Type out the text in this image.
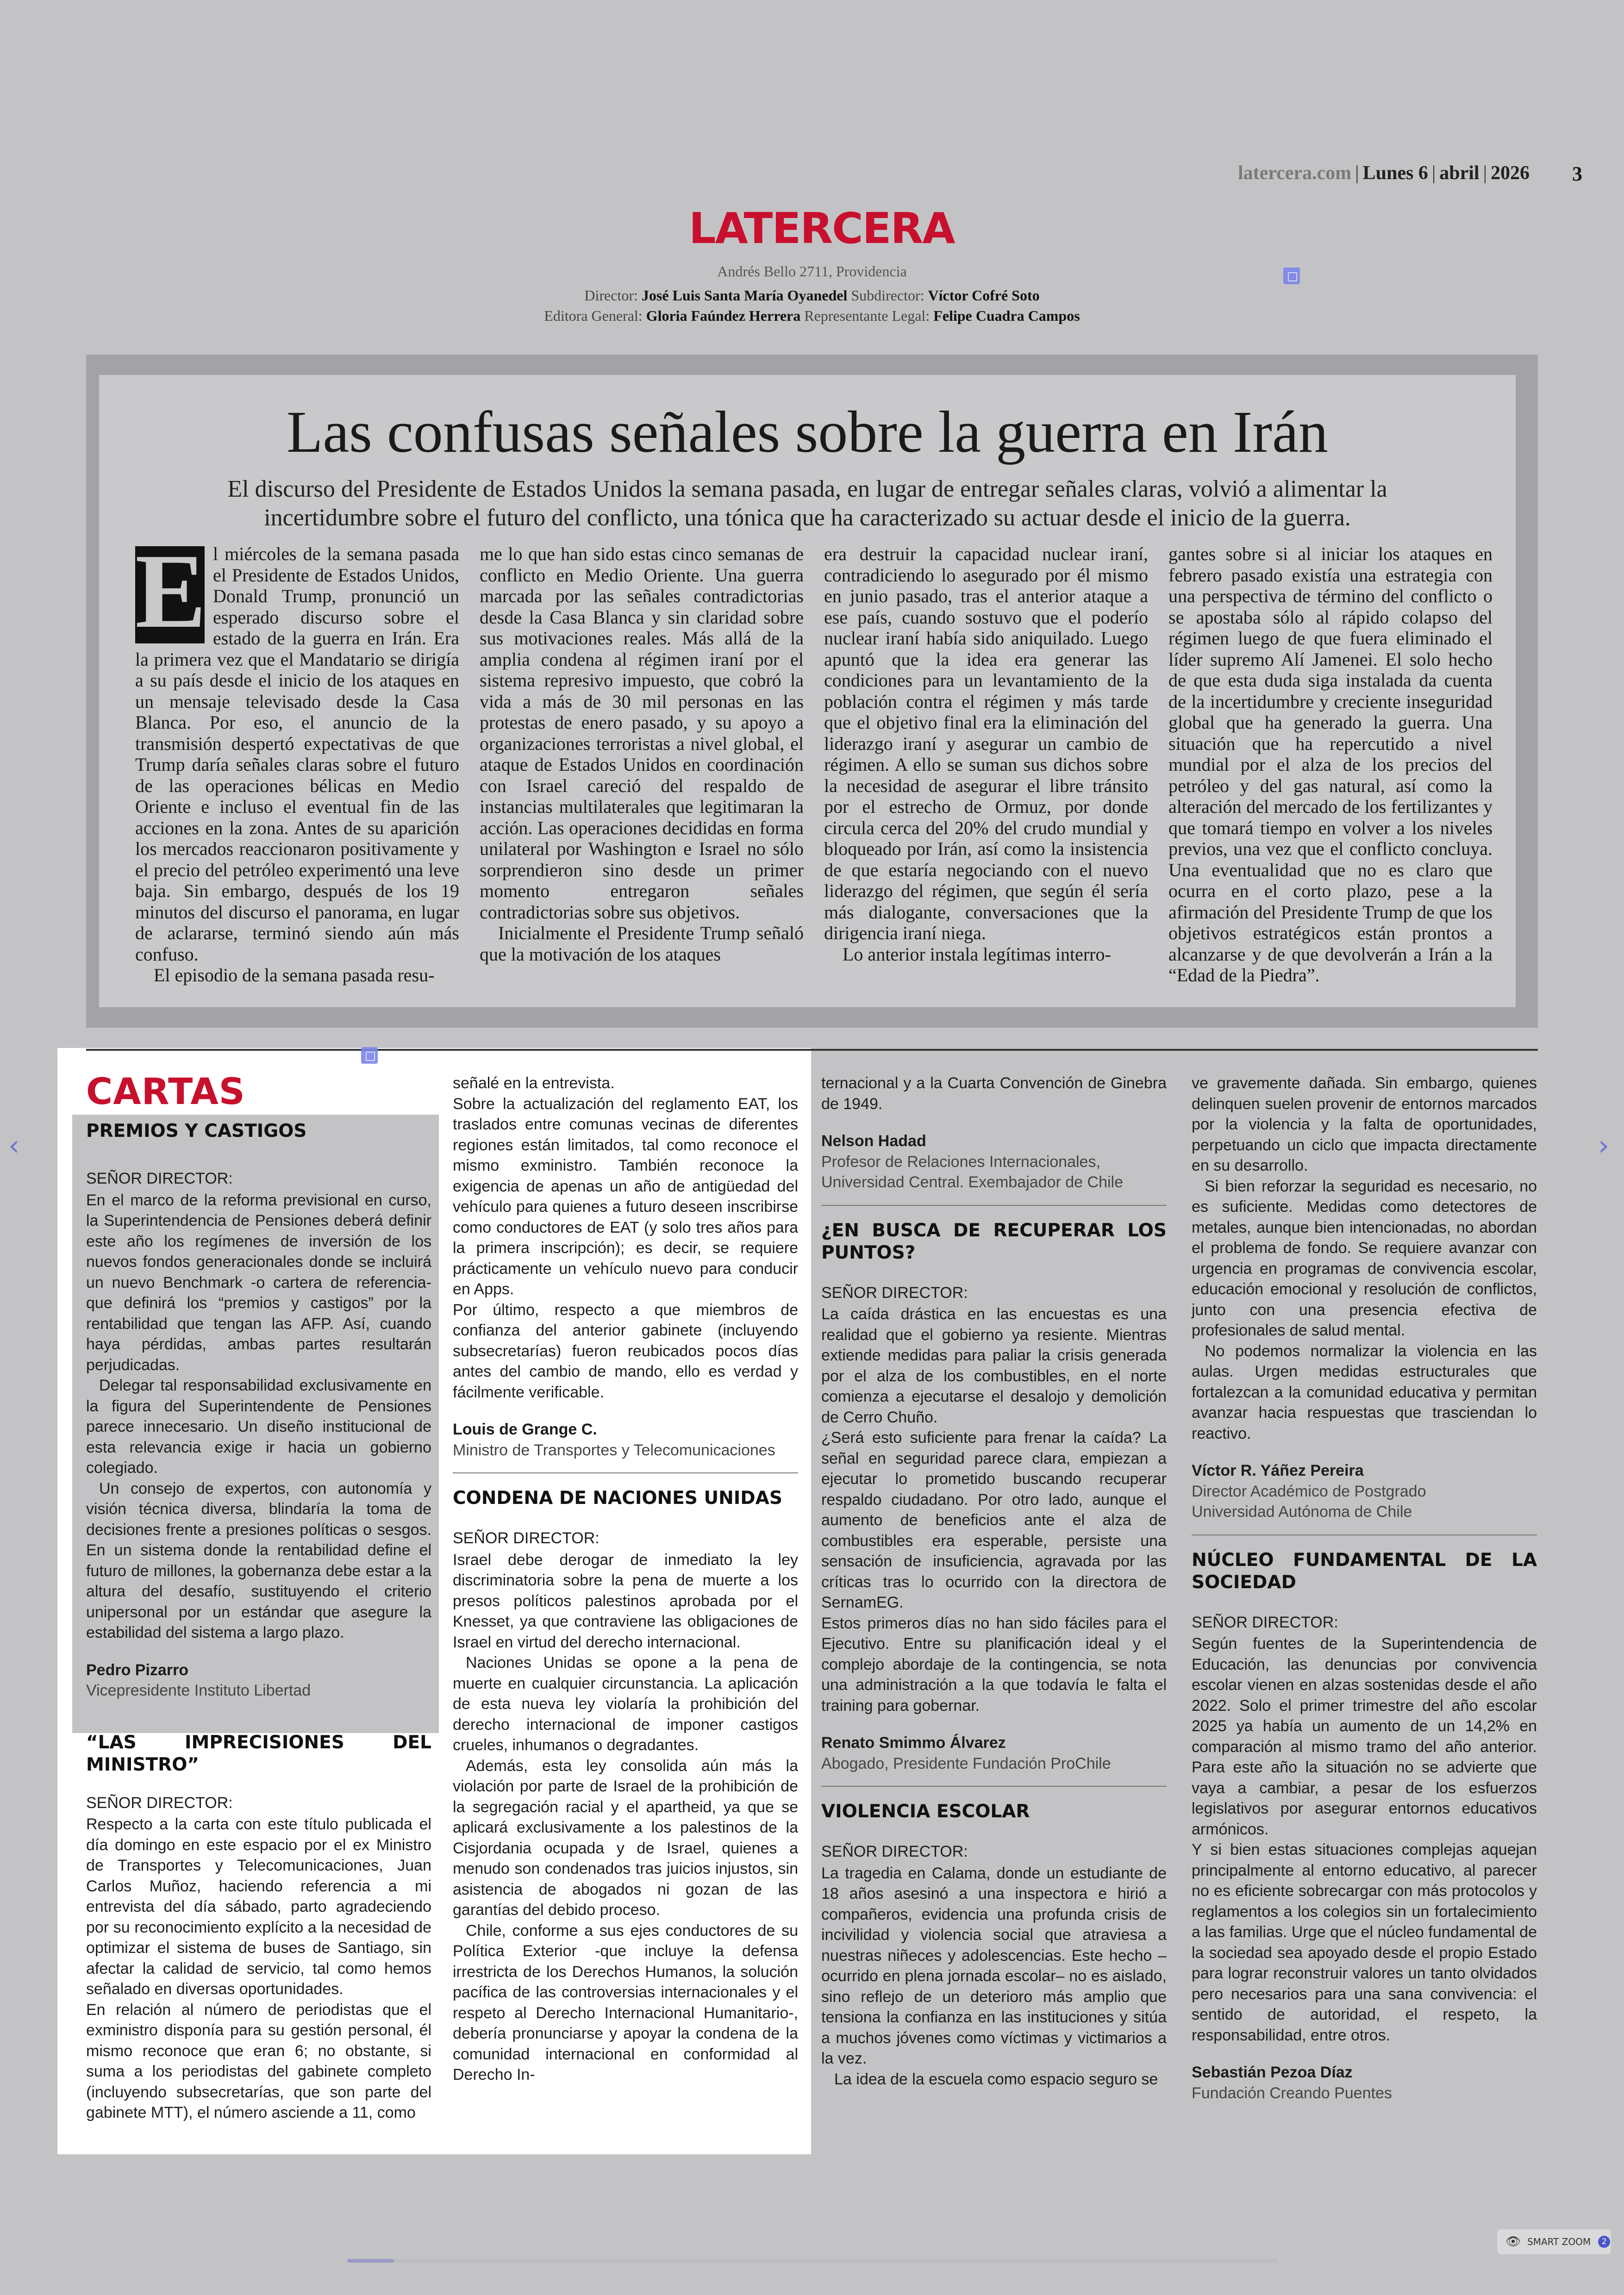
latercera.com | Lunes 6 | abril | 2026 3
LATERCERA
Andrés Bello 2711, Providencia
Director: José Luis Santa María Oyanedel Subdirector: Víctor Cofré Soto
Editora General: Gloria Faúndez Herrera Representante Legal: Felipe Cuadra Campos
Las confusas señales sobre la guerra en Irán
El discurso del Presidente de Estados Unidos la semana pasada, en lugar de entregar señales claras, volvió a alimentar la incertidumbre sobre el futuro del conflicto, una tónica que ha caracterizado su actuar desde el inicio de la guerra.
E l miércoles de la semana pasada el Presidente de Estados Unidos, Donald Trump, pronunció un esperado discurso sobre el estado de la guerra en Irán. Era la primera vez que el Mandatario se dirigía a su país desde el inicio de los ataques en un mensaje televisado desde la Casa Blanca. Por eso, el anuncio de la transmisión despertó expectativas de que Trump daría señales claras sobre el futuro de las operaciones bélicas en Medio Oriente e incluso el eventual fin de las acciones en la zona. Antes de su aparición los mercados reaccionaron positivamente y el precio del petróleo experimentó una leve baja. Sin embargo, después de los 19 minutos del discurso el panorama, en lugar de aclararse, terminó siendo aún más confuso.

El episodio de la semana pasada resu-

me lo que han sido estas cinco semanas de conflicto en Medio Oriente. Una guerra marcada por las señales contradictorias desde la Casa Blanca y sin claridad sobre sus motivaciones reales. Más allá de la amplia condena al régimen iraní por el sistema represivo impuesto, que cobró la vida a más de 30 mil personas en las protestas de enero pasado, y su apoyo a organizaciones terroristas a nivel global, el ataque de Estados Unidos en coordinación con Israel careció del respaldo de instancias multilaterales que legitimaran la acción. Las operaciones decididas en forma unilateral por Washington e Israel no sólo sorprendieron sino desde un primer momento entregaron señales contradictorias sobre sus objetivos.

Inicialmente el Presidente Trump señaló que la motivación de los ataques

era destruir la capacidad nuclear iraní, contradiciendo lo asegurado por él mismo en junio pasado, tras el anterior ataque a ese país, cuando sostuvo que el poderío nuclear iraní había sido aniquilado. Luego apuntó que la idea era generar las condiciones para un levantamiento de la población contra el régimen y más tarde que el objetivo final era la eliminación del liderazgo iraní y asegurar un cambio de régimen. A ello se suman sus dichos sobre la necesidad de asegurar el libre tránsito por el estrecho de Ormuz, por donde circula cerca del 20% del crudo mundial y bloqueado por Irán, así como la insistencia de que estaría negociando con el nuevo liderazgo del régimen, que según él sería más dialogante, conversaciones que la dirigencia iraní niega.

Lo anterior instala legítimas interro-

gantes sobre si al iniciar los ataques en febrero pasado existía una estrategia con una perspectiva de término del conflicto o se apostaba sólo al rápido colapso del régimen luego de que fuera eliminado el líder supremo Alí Jamenei. El solo hecho de que esta duda siga instalada da cuenta de la incertidumbre y creciente inseguridad global que ha generado la guerra. Una situación que ha repercutido a nivel mundial por el alza de los precios del petróleo y del gas natural, así como la alteración del mercado de los fertilizantes y que tomará tiempo en volver a los niveles previos, una vez que el conflicto concluya. Una eventualidad que no es claro que ocurra en el corto plazo, pese a la afirmación del Presidente Trump de que los objetivos estratégicos están prontos a alcanzarse y de que devolverán a Irán a la “Edad de la Piedra”.

CARTAS

PREMIOS Y CASTIGOS

SEÑOR DIRECTOR:

En el marco de la reforma previsional en curso, la Superintendencia de Pensiones deberá definir este año los regímenes de inversión de los nuevos fondos generacionales donde se incluirá un nuevo Benchmark -o cartera de referencia- que definirá los “premios y castigos” por la rentabilidad que tengan las AFP. Así, cuando haya pérdidas, ambas partes resultarán perjudicadas.

Delegar tal responsabilidad exclusivamente en la figura del Superintendente de Pensiones parece innecesario. Un diseño institucional de esta relevancia exige ir hacia un gobierno colegiado.

Un consejo de expertos, con autonomía y visión técnica diversa, blindaría la toma de decisiones frente a presiones políticas o sesgos. En un sistema donde la rentabilidad define el futuro de millones, la gobernanza debe estar a la altura del desafío, sustituyendo el criterio unipersonal por un estándar que asegure la estabilidad del sistema a largo plazo.

Pedro Pizarro

Vicepresidente Instituto Libertad

“LAS IMPRECISIONES DEL MINISTRO”

SEÑOR DIRECTOR:

Respecto a la carta con este título publicada el día domingo en este espacio por el ex Ministro de Transportes y Telecomunicaciones, Juan Carlos Muñoz, haciendo referencia a mi entrevista del día sábado, parto agradeciendo por su reconocimiento explícito a la necesidad de optimizar el sistema de buses de Santiago, sin afectar la calidad de servicio, tal como hemos señalado en diversas oportunidades.

En relación al número de periodistas que el exministro disponía para su gestión personal, él mismo reconoce que eran 6; no obstante, si suma a los periodistas del gabinete completo (incluyendo subsecretarías, que son parte del gabinete MTT), el número asciende a 11, como

señalé en la entrevista.

Sobre la actualización del reglamento EAT, los traslados entre comunas vecinas de diferentes regiones están limitados, tal como reconoce el mismo exministro. También reconoce la exigencia de apenas un año de antigüedad del vehículo para quienes a futuro deseen inscribirse como conductores de EAT (y solo tres años para la primera inscripción); es decir, se requiere prácticamente un vehículo nuevo para conducir en Apps.

Por último, respecto a que miembros de confianza del anterior gabinete (incluyendo subsecretarías) fueron reubicados pocos días antes del cambio de mando, ello es verdad y fácilmente verificable.

Louis de Grange C.

Ministro de Transportes y Telecomunicaciones

CONDENA DE NACIONES UNIDAS

SEÑOR DIRECTOR:

Israel debe derogar de inmediato la ley discriminatoria sobre la pena de muerte a los presos políticos palestinos aprobada por el Knesset, ya que contraviene las obligaciones de Israel en virtud del derecho internacional.

Naciones Unidas se opone a la pena de muerte en cualquier circunstancia. La aplicación de esta nueva ley violaría la prohibición del derecho internacional de imponer castigos crueles, inhumanos o degradantes.

Además, esta ley consolida aún más la violación por parte de Israel de la prohibición de la segregación racial y el apartheid, ya que se aplicará exclusivamente a los palestinos de la Cisjordania ocupada y de Israel, quienes a menudo son condenados tras juicios injustos, sin asistencia de abogados ni gozan de las garantías del debido proceso.

Chile, conforme a sus ejes conductores de su Política Exterior -que incluye la defensa irrestricta de los Derechos Humanos, la solución pacífica de las controversias internacionales y el respeto al Derecho Internacional Humanitario-, debería pronunciarse y apoyar la condena de la comunidad internacional en conformidad al Derecho In-

ternacional y a la Cuarta Convención de Ginebra de 1949.

Nelson Hadad

Profesor de Relaciones Internacionales,

Universidad Central. Exembajador de Chile

¿EN BUSCA DE RECUPERAR LOS PUNTOS?

SEÑOR DIRECTOR:

La caída drástica en las encuestas es una realidad que el gobierno ya resiente. Mientras extiende medidas para paliar la crisis generada por el alza de los combustibles, en el norte comienza a ejecutarse el desalojo y demolición de Cerro Chuño.

¿Será esto suficiente para frenar la caída? La señal en seguridad parece clara, empiezan a ejecutar lo prometido buscando recuperar respaldo ciudadano. Por otro lado, aunque el aumento de beneficios ante el alza de combustibles era esperable, persiste una sensación de insuficiencia, agravada por las críticas tras lo ocurrido con la directora de SernamEG.

Estos primeros días no han sido fáciles para el Ejecutivo. Entre su planificación ideal y el complejo abordaje de la contingencia, se nota una administración a la que todavía le falta el training para gobernar.

Renato Smimmo Álvarez

Abogado, Presidente Fundación ProChile

VIOLENCIA ESCOLAR

SEÑOR DIRECTOR:

La tragedia en Calama, donde un estudiante de 18 años asesinó a una inspectora e hirió a compañeros, evidencia una profunda crisis de incivilidad y violencia social que atraviesa a nuestras niñeces y adolescencias. Este hecho –ocurrido en plena jornada escolar– no es aislado, sino reflejo de un deterioro más amplio que tensiona la confianza en las instituciones y sitúa a muchos jóvenes como víctimas y victimarios a la vez.

La idea de la escuela como espacio seguro se

ve gravemente dañada. Sin embargo, quienes delinquen suelen provenir de entornos marcados por la violencia y la falta de oportunidades, perpetuando un ciclo que impacta directamente en su desarrollo.

Si bien reforzar la seguridad es necesario, no es suficiente. Medidas como detectores de metales, aunque bien intencionadas, no abordan el problema de fondo. Se requiere avanzar con urgencia en programas de convivencia escolar, educación emocional y resolución de conflictos, junto con una presencia efectiva de profesionales de salud mental.

No podemos normalizar la violencia en las aulas. Urgen medidas estructurales que fortalezcan a la comunidad educativa y permitan avanzar hacia respuestas que trasciendan lo reactivo.

Víctor R. Yáñez Pereira

Director Académico de Postgrado

Universidad Autónoma de Chile

NÚCLEO FUNDAMENTAL DE LA SOCIEDAD

SEÑOR DIRECTOR:

Según fuentes de la Superintendencia de Educación, las denuncias por convivencia escolar vienen en alzas sostenidas desde el año 2022. Solo el primer trimestre del año escolar 2025 ya había un aumento de un 14,2% en comparación al mismo tramo del año anterior. Para este año la situación no se advierte que vaya a cambiar, a pesar de los esfuerzos legislativos por asegurar entornos educativos armónicos.

Y si bien estas situaciones complejas aquejan principalmente al entorno educativo, al parecer no es eficiente sobrecargar con más protocolos y reglamentos a los colegios sin un fortalecimiento a las familias. Urge que el núcleo fundamental de la sociedad sea apoyado desde el propio Estado para lograr reconstruir valores un tanto olvidados pero necesarios para una sana convivencia: el sentido de autoridad, el respeto, la responsabilidad, entre otros.

Sebastián Pezoa Díaz

Fundación Creando Puentes

‹	›
👁 SMART ZOOM	2
